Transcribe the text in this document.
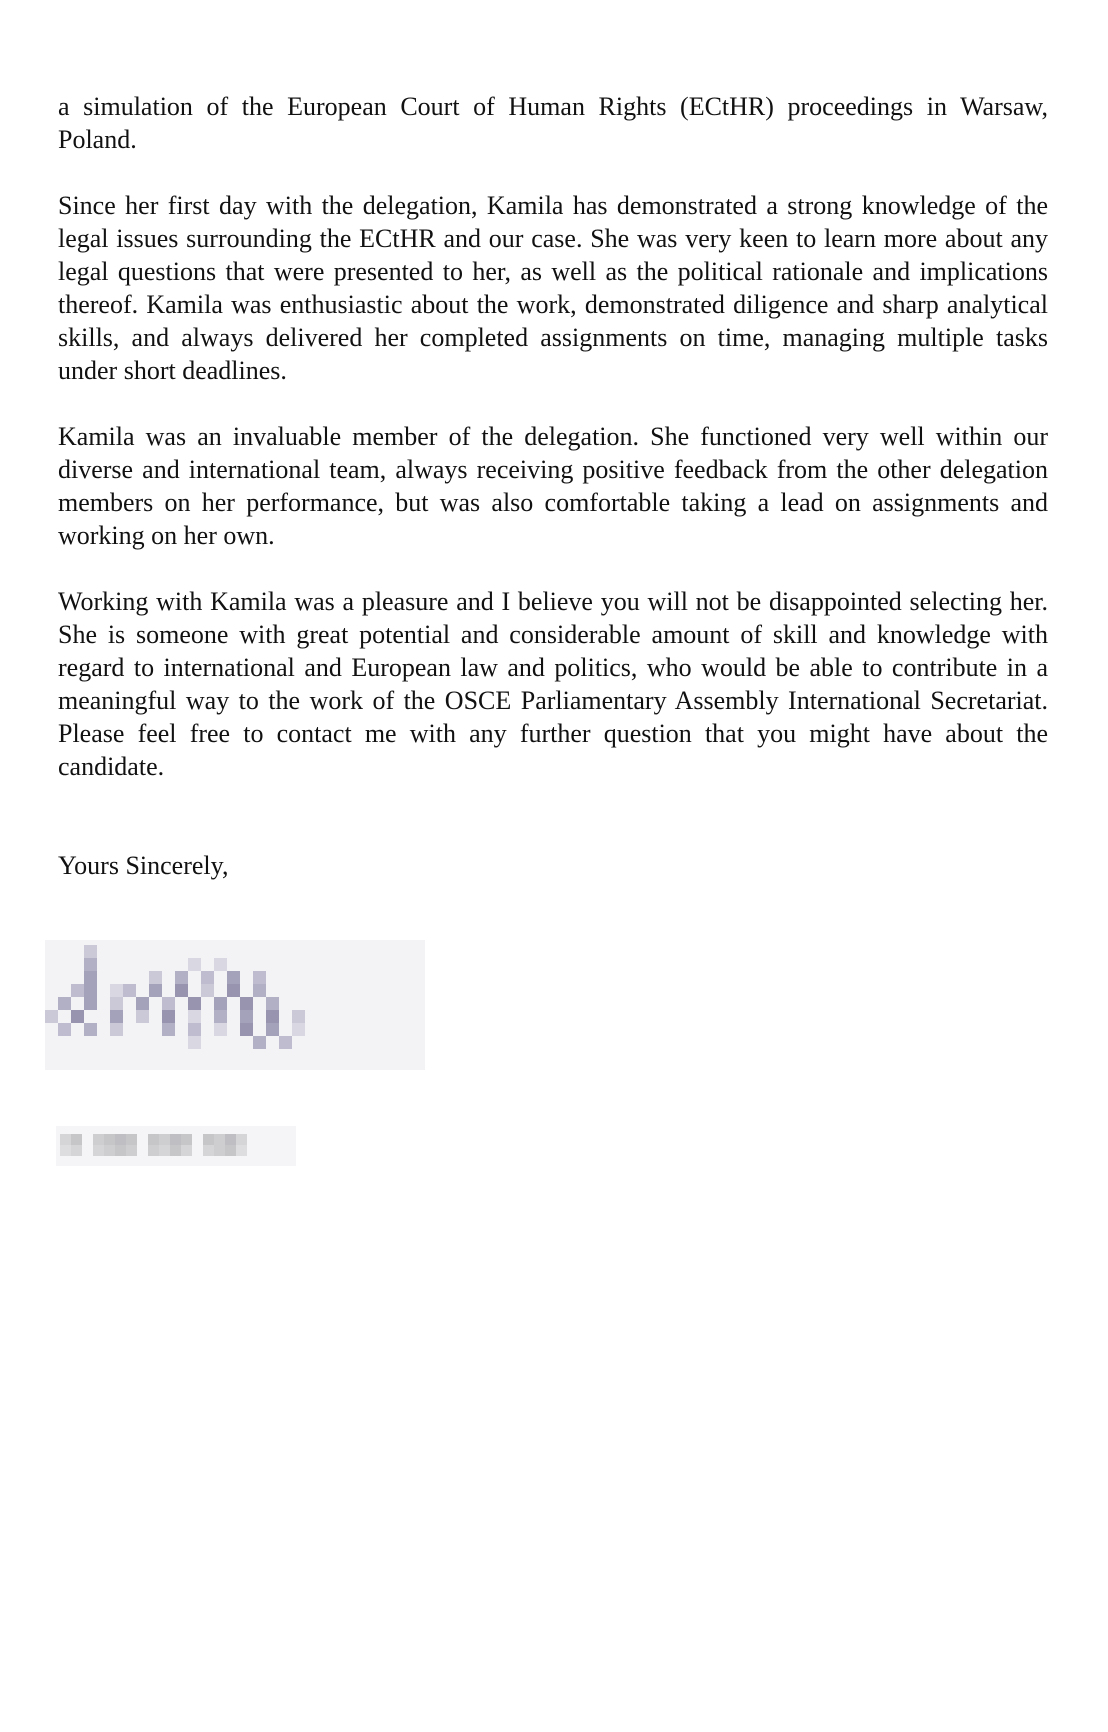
a simulation of the European Court of Human Rights (ECtHR) proceedings in Warsaw, Poland.

Since her first day with the delegation, Kamila has demonstrated a strong knowledge of the legal issues surrounding the ECtHR and our case. She was very keen to learn more about any legal questions that were presented to her, as well as the political rationale and implications thereof. Kamila was enthusiastic about the work, demonstrated diligence and sharp analytical skills, and always delivered her completed assignments on time, managing multiple tasks under short deadlines.

Kamila was an invaluable member of the delegation. She functioned very well within our diverse and international team, always receiving positive feedback from the other delegation members on her performance, but was also comfortable taking a lead on assignments and working on her own.

Working with Kamila was a pleasure and I believe you will not be disappointed selecting her. She is someone with great potential and considerable amount of skill and knowledge with regard to international and European law and politics, who would be able to contribute in a meaningful way to the work of the OSCE Parliamentary Assembly International Secretariat. Please feel free to contact me with any further question that you might have about the candidate.

Yours Sincerely,
